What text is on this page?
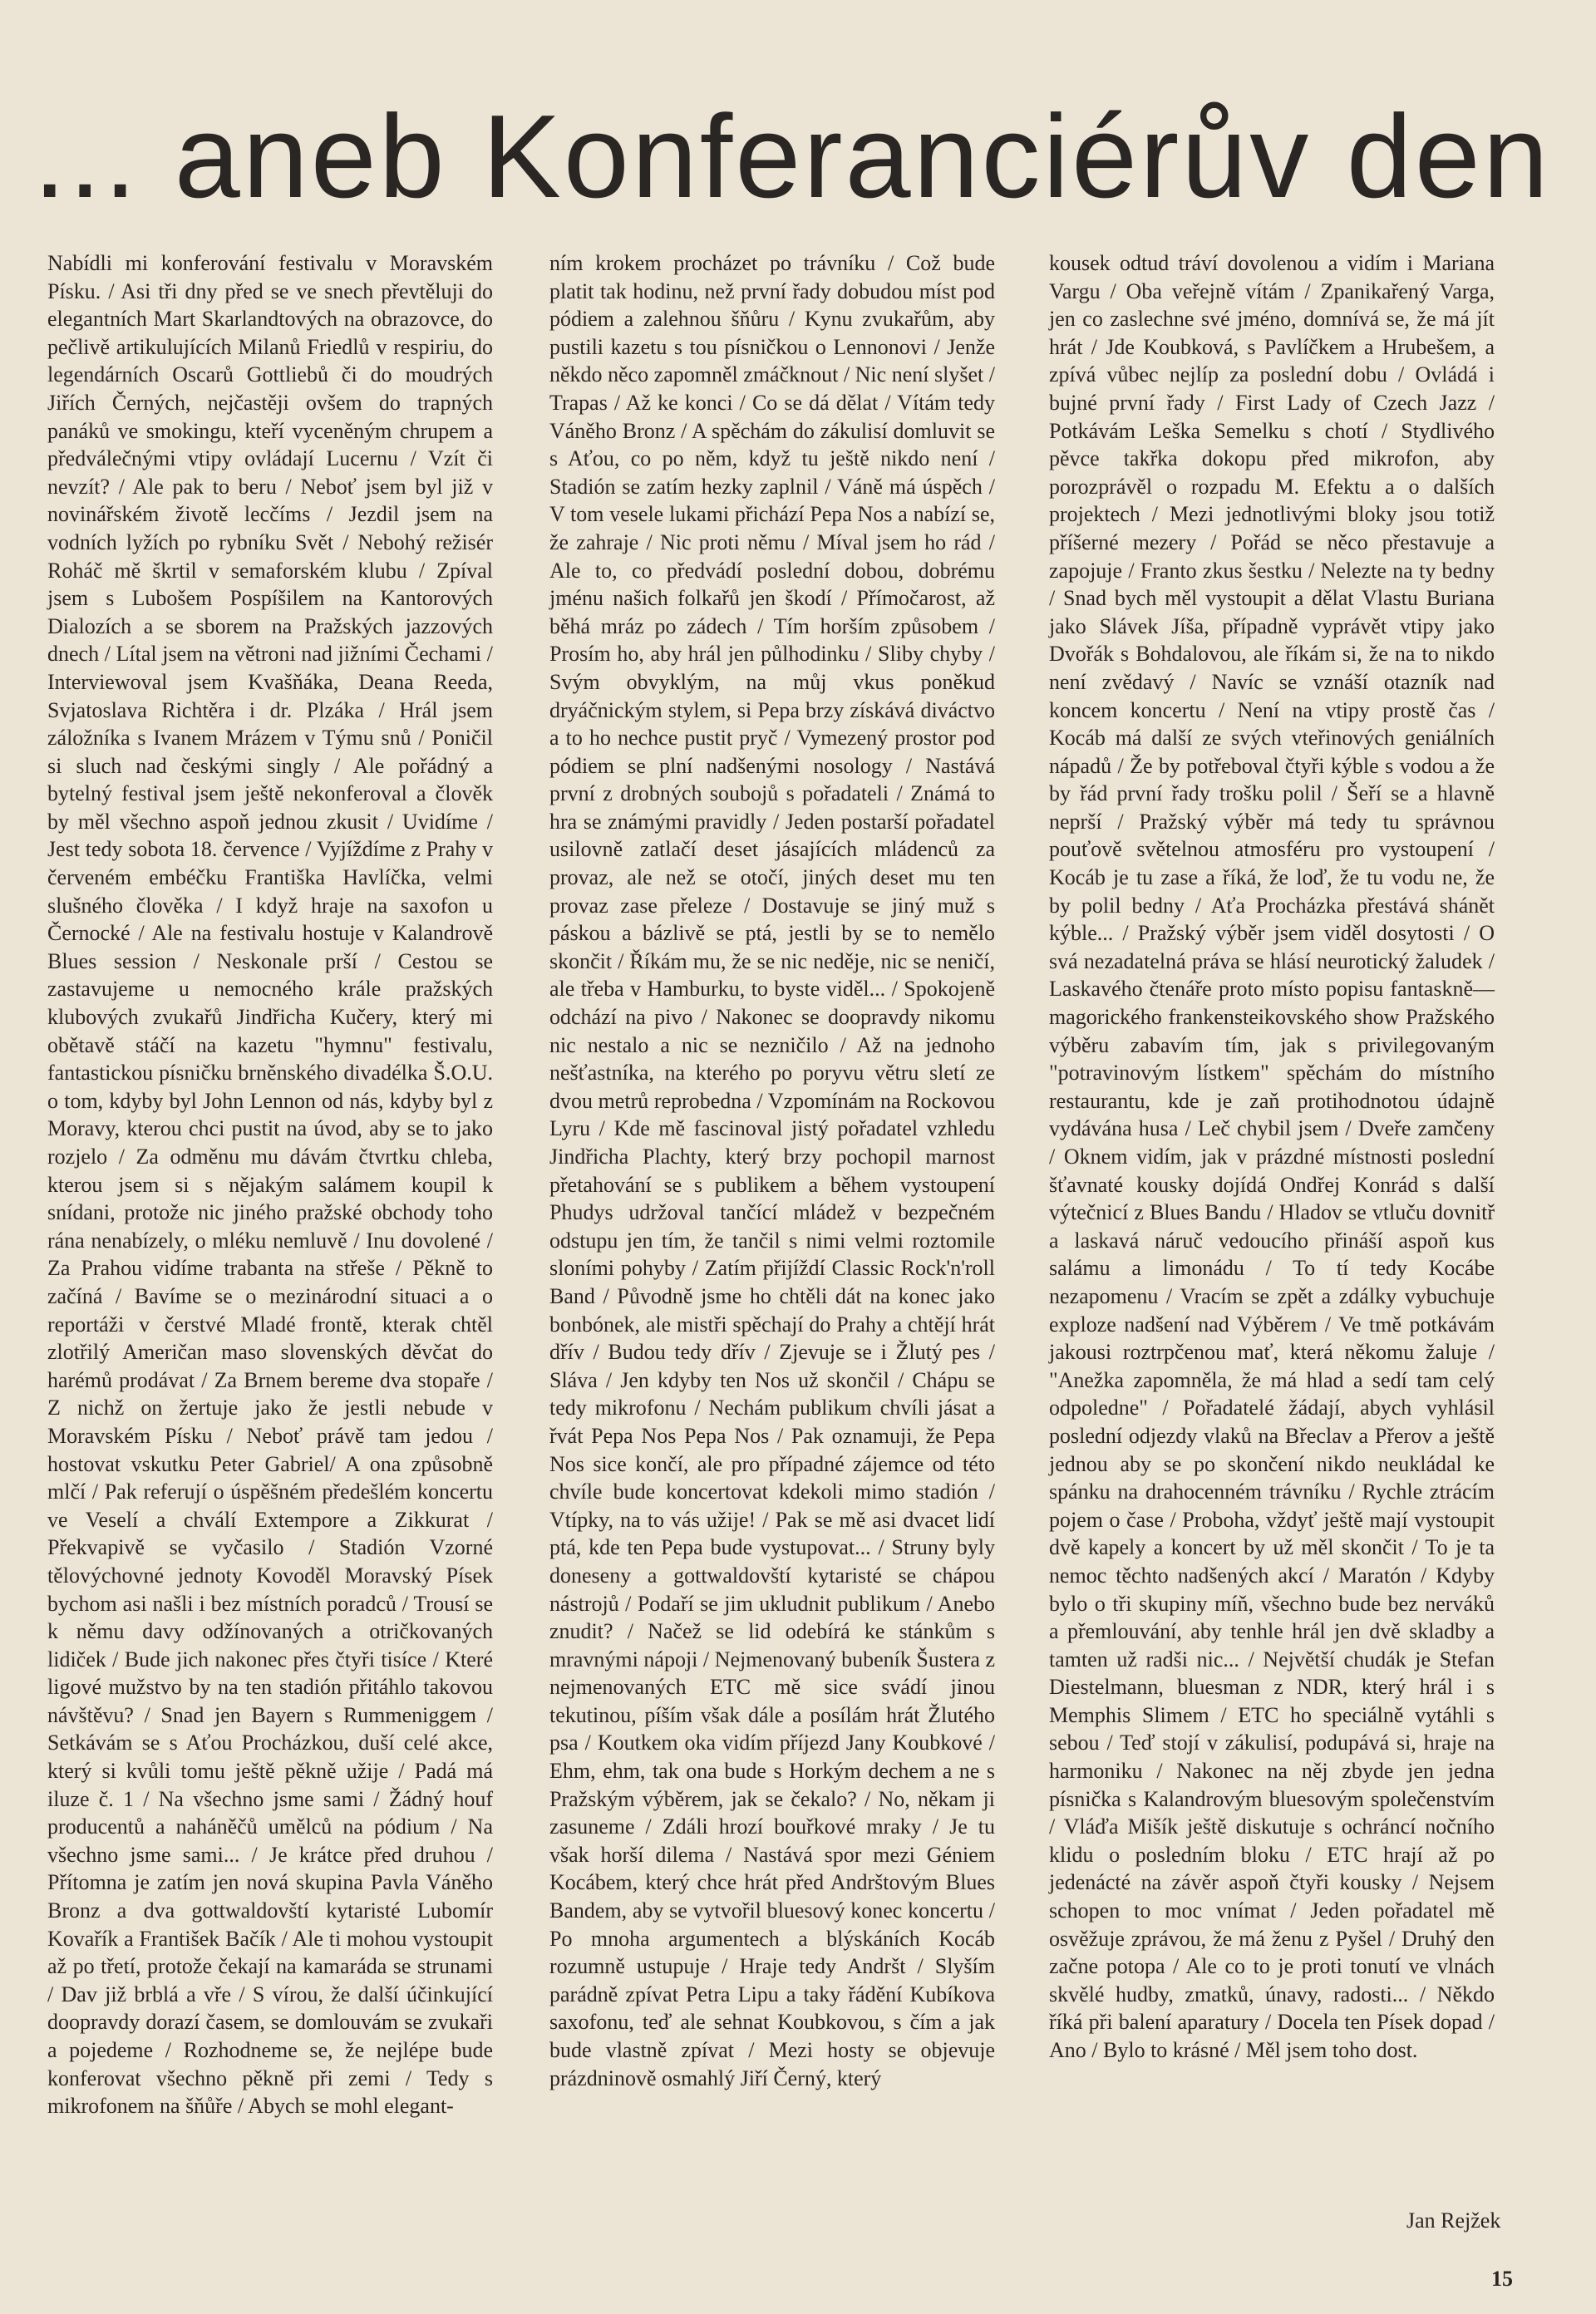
... aneb Konferanciérův den

Nabídli mi konferování festivalu v Moravském Písku. / Asi tři dny před se ve snech převtěluji do elegantních Mart Skarlandtových na obrazovce, do pečlivě artikulujících Milanů Friedlů v respiriu, do legendárních Oscarů Gottliebů či do moudrých Jiřích Černých, nejčastěji ovšem do trapných panáků ve smokingu, kteří vyceněným chrupem a předválečnými vtipy ovládají Lucernu / Vzít či nevzít? / Ale pak to beru / Neboť jsem byl již v novinářském životě lecčíms / Jezdil jsem na vodních lyžích po rybníku Svět / Nebohý režisér Roháč mě škrtil v semaforském klubu / Zpíval jsem s Lubošem Pospíšilem na Kantorových Dialozích a se sborem na Pražských jazzových dnech / Lítal jsem na větroni nad jižními Čechami / Interviewoval jsem Kvašňáka, Deana Reeda, Svjatoslava Richtěra i dr. Plzáka / Hrál jsem záložníka s Ivanem Mrázem v Týmu snů / Poničil si sluch nad českými singly / Ale pořádný a bytelný festival jsem ještě nekonferoval a člověk by měl všechno aspoň jednou zkusit / Uvidíme / Jest tedy sobota 18. července / Vyjíždíme z Prahy v červeném embéčku Františka Havlíčka, velmi slušného člověka / I když hraje na saxofon u Černocké / Ale na festivalu hostuje v Kalandrově Blues session / Neskonale prší / Cestou se zastavujeme u nemocného krále pražských klubových zvukařů Jindřicha Kučery, který mi obětavě stáčí na kazetu "hymnu" festivalu, fantastickou písničku brněnského divadélka Š.O.U. o tom, kdyby byl John Lennon od nás, kdyby byl z Moravy, kterou chci pustit na úvod, aby se to jako rozjelo / Za odměnu mu dávám čtvrtku chleba, kterou jsem si s nějakým salámem koupil k snídani, protože nic jiného pražské obchody toho rána nenabízely, o mléku nemluvě / Inu dovolené / Za Prahou vidíme trabanta na střeše / Pěkně to začíná / Bavíme se o mezinárodní situaci a o reportáži v čerstvé Mladé frontě, kterak chtěl zlotřilý Američan maso slovenských děvčat do harémů prodávat / Za Brnem bereme dva stopaře / Z nichž on žertuje jako že jestli nebude v Moravském Písku / Neboť právě tam jedou / hostovat vskutku Peter Gabriel/ A ona způsobně mlčí / Pak referují o úspěšném předešlém koncertu ve Veselí a chválí Extempore a Zikkurat / Překvapivě se vyčasilo / Stadión Vzorné tělovýchovné jednoty Kovoděl Moravský Písek bychom asi našli i bez místních poradců / Trousí se k němu davy odžínovaných a otričkovaných lidiček / Bude jich nakonec přes čtyři tisíce / Které ligové mužstvo by na ten stadión přitáhlo takovou návštěvu? / Snad jen Bayern s Rummeniggem / Setkávám se s Aťou Procházkou, duší celé akce, který si kvůli tomu ještě pěkně užije / Padá má iluze č. 1 / Na všechno jsme sami / Žádný houf producentů a naháněčů umělců na pódium / Na všechno jsme sami... / Je krátce před druhou / Přítomna je zatím jen nová skupina Pavla Váněho Bronz a dva gottwaldovští kytaristé Lubomír Kovařík a František Bačík / Ale ti mohou vystoupit až po třetí, protože čekají na kamaráda se strunami / Dav již brblá a vře / S vírou, že další účinkující doopravdy dorazí časem, se domlouvám se zvukaři a pojedeme / Rozhodneme se, že nejlépe bude konferovat všechno pěkně při zemi / Tedy s mikrofonem na šňůře / Abych se mohl elegant-

ním krokem procházet po trávníku / Což bude platit tak hodinu, než první řady dobudou míst pod pódiem a zalehnou šňůru / Kynu zvukařům, aby pustili kazetu s tou písničkou o Lennonovi / Jenže někdo něco zapomněl zmáčknout / Nic není slyšet / Trapas / Až ke konci / Co se dá dělat / Vítám tedy Váněho Bronz / A spěchám do zákulisí domluvit se s Aťou, co po něm, když tu ještě nikdo není / Stadión se zatím hezky zaplnil / Váně má úspěch / V tom vesele lukami přichází Pepa Nos a nabízí se, že zahraje / Nic proti němu / Míval jsem ho rád / Ale to, co předvádí poslední dobou, dobrému jménu našich folkařů jen škodí / Přímočarost, až běhá mráz po zádech / Tím horším způsobem / Prosím ho, aby hrál jen půlhodinku / Sliby chyby / Svým obvyklým, na můj vkus poněkud dryáčnickým stylem, si Pepa brzy získává diváctvo a to ho nechce pustit pryč / Vymezený prostor pod pódiem se plní nadšenými nosology / Nastává první z drobných soubojů s pořadateli / Známá to hra se známými pravidly / Jeden postarší pořadatel usilovně zatlačí deset jásajících mládenců za provaz, ale než se otočí, jiných deset mu ten provaz zase přeleze / Dostavuje se jiný muž s páskou a bázlivě se ptá, jestli by se to nemělo skončit / Říkám mu, že se nic neděje, nic se neničí, ale třeba v Hamburku, to byste viděl... / Spokojeně odchází na pivo / Nakonec se doopravdy nikomu nic nestalo a nic se nezničilo / Až na jednoho nešťastníka, na kterého po poryvu větru sletí ze dvou metrů reprobedna / Vzpomínám na Rockovou Lyru / Kde mě fascinoval jistý pořadatel vzhledu Jindřicha Plachty, který brzy pochopil marnost přetahování se s publikem a během vystoupení Phudys udržoval tančící mládež v bezpečném odstupu jen tím, že tančil s nimi velmi roztomile sloními pohyby / Zatím přijíždí Classic Rock'n'roll Band / Původně jsme ho chtěli dát na konec jako bonbónek, ale mistři spěchají do Prahy a chtějí hrát dřív / Budou tedy dřív / Zjevuje se i Žlutý pes / Sláva / Jen kdyby ten Nos už skončil / Chápu se tedy mikrofonu / Nechám publikum chvíli jásat a řvát Pepa Nos Pepa Nos / Pak oznamuji, že Pepa Nos sice končí, ale pro případné zájemce od této chvíle bude koncertovat kdekoli mimo stadión / Vtípky, na to vás užije! / Pak se mě asi dvacet lidí ptá, kde ten Pepa bude vystupovat... / Struny byly doneseny a gottwaldovští kytaristé se chápou nástrojů / Podaří se jim ukludnit publikum / Anebo znudit? / Načež se lid odebírá ke stánkům s mravnými nápoji / Nejmenovaný bubeník Šustera z nejmenovaných ETC mě sice svádí jinou tekutinou, píším však dále a posílám hrát Žlutého psa / Koutkem oka vidím příjezd Jany Koubkové / Ehm, ehm, tak ona bude s Horkým dechem a ne s Pražským výběrem, jak se čekalo? / No, někam ji zasuneme / Zdáli hrozí bouřkové mraky / Je tu však horší dilema / Nastává spor mezi Géniem Kocábem, který chce hrát před Andrštovým Blues Bandem, aby se vytvořil bluesový konec koncertu / Po mnoha argumentech a blýskáních Kocáb rozumně ustupuje / Hraje tedy Andršt / Slyším parádně zpívat Petra Lipu a taky řádění Kubíkova saxofonu, teď ale sehnat Koubkovou, s čím a jak bude vlastně zpívat / Mezi hosty se objevuje prázdninově osmahlý Jiří Černý, který

kousek odtud tráví dovolenou a vidím i Mariana Vargu / Oba veřejně vítám / Zpanikařený Varga, jen co zaslechne své jméno, domnívá se, že má jít hrát / Jde Koubková, s Pavlíčkem a Hrubešem, a zpívá vůbec nejlíp za poslední dobu / Ovládá i bujné první řady / First Lady of Czech Jazz / Potkávám Leška Semelku s chotí / Stydlivého pěvce takřka dokopu před mikrofon, aby porozprávěl o rozpadu M. Efektu a o dalších projektech / Mezi jednotlivými bloky jsou totiž příšerné mezery / Pořád se něco přestavuje a zapojuje / Franto zkus šestku / Nelezte na ty bedny / Snad bych měl vystoupit a dělat Vlastu Buriana jako Slávek Jíša, případně vyprávět vtipy jako Dvořák s Bohdalovou, ale říkám si, že na to nikdo není zvědavý / Navíc se vznáší otazník nad koncem koncertu / Není na vtipy prostě čas / Kocáb má další ze svých vteřinových geniálních nápadů / Že by potřeboval čtyři kýble s vodou a že by řád první řady trošku polil / Šeří se a hlavně neprší / Pražský výběr má tedy tu správnou pouťově světelnou atmosféru pro vystoupení / Kocáb je tu zase a říká, že loď, že tu vodu ne, že by polil bedny / Aťa Procházka přestává shánět kýble... / Pražský výběr jsem viděl dosytosti / O svá nezadatelná práva se hlásí neurotický žaludek / Laskavého čtenáře proto místo popisu fantaskně—magorického frankensteikovského show Pražského výběru zabavím tím, jak s privilegovaným "potravinovým lístkem" spěchám do místního restaurantu, kde je zaň protihodnotou údajně vydávána husa / Leč chybil jsem / Dveře zamčeny / Oknem vidím, jak v prázdné místnosti poslední šťavnaté kousky dojídá Ondřej Konrád s další výtečnicí z Blues Bandu / Hladov se vtluču dovnitř a laskavá náruč vedoucího přináší aspoň kus salámu a limonádu / To tí tedy Kocábe nezapomenu / Vracím se zpět a zdálky vybuchuje exploze nadšení nad Výběrem / Ve tmě potkávám jakousi roztrpčenou mať, která někomu žaluje / "Anežka zapomněla, že má hlad a sedí tam celý odpoledne" / Pořadatelé žádají, abych vyhlásil poslední odjezdy vlaků na Břeclav a Přerov a ještě jednou aby se po skončení nikdo neukládal ke spánku na drahocenném trávníku / Rychle ztrácím pojem o čase / Proboha, vždyť ještě mají vystoupit dvě kapely a koncert by už měl skončit / To je ta nemoc těchto nadšených akcí / Maratón / Kdyby bylo o tři skupiny míň, všechno bude bez nerváků a přemlouvání, aby tenhle hrál jen dvě skladby a tamten už radši nic... / Největší chudák je Stefan Diestelmann, bluesman z NDR, který hrál i s Memphis Slimem / ETC ho speciálně vytáhli s sebou / Teď stojí v zákulisí, podupává si, hraje na harmoniku / Nakonec na něj zbyde jen jedna písnička s Kalandrovým bluesovým společenstvím / Vláďa Mišík ještě diskutuje s ochráncí nočního klidu o posledním bloku / ETC hrají až po jedenácté na závěr aspoň čtyři kousky / Nejsem schopen to moc vnímat / Jeden pořadatel mě osvěžuje zprávou, že má ženu z Pyšel / Druhý den začne potopa / Ale co to je proti tonutí ve vlnách skvělé hudby, zmatků, únavy, radosti... / Někdo říká při balení aparatury / Docela ten Písek dopad / Ano / Bylo to krásné / Měl jsem toho dost.

Jan Rejžek
15
